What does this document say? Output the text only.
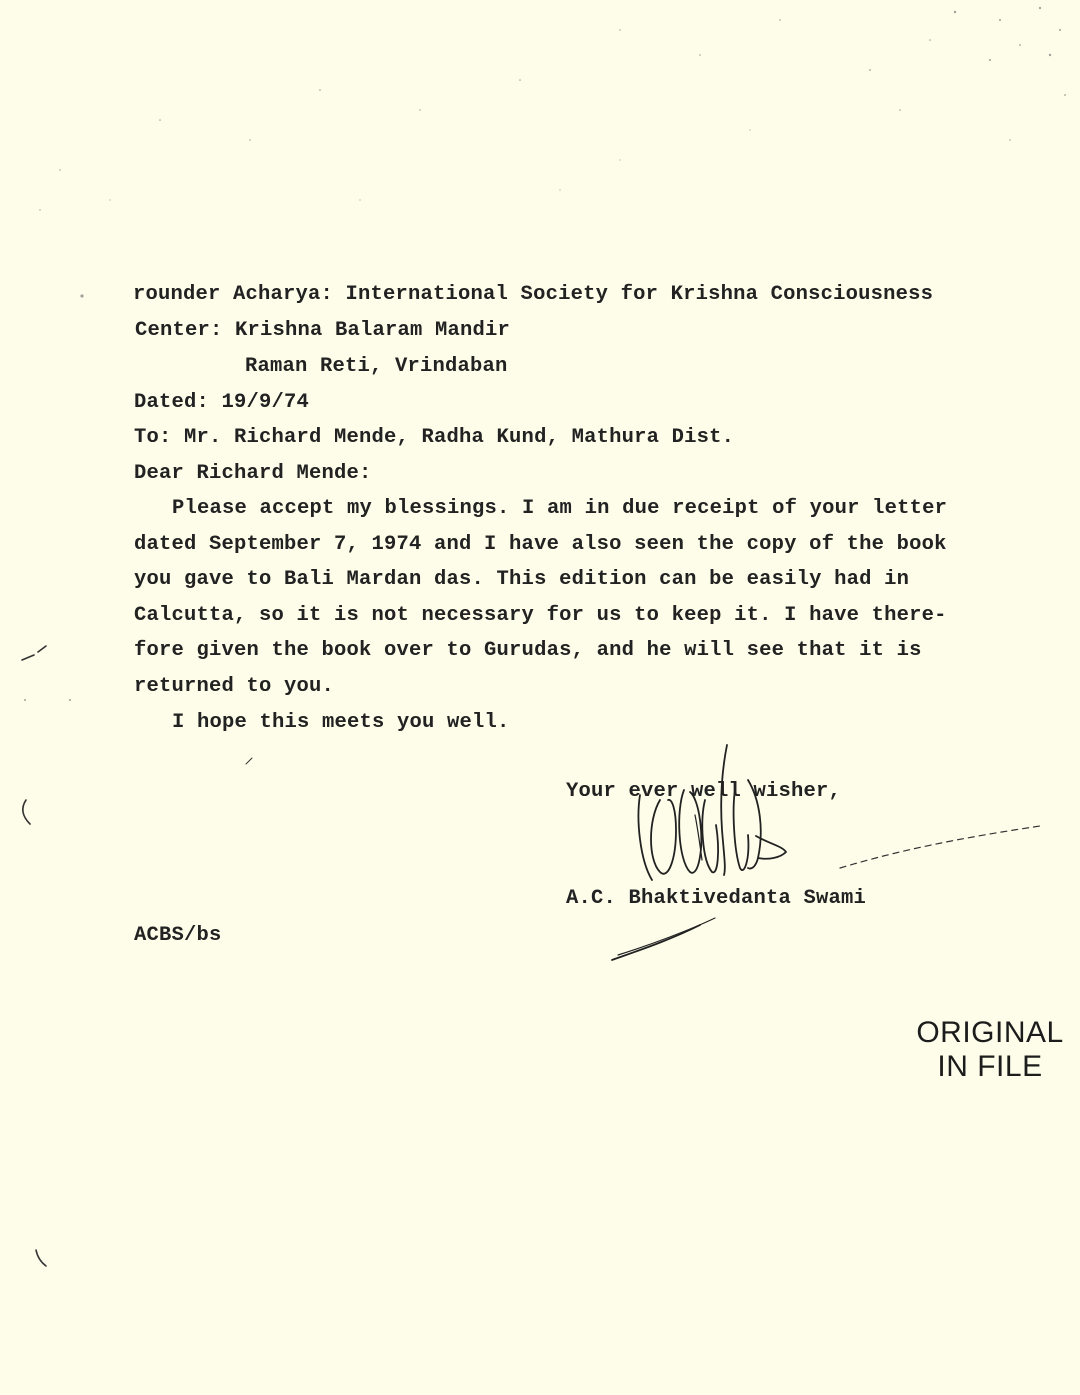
rounder Acharya: International Society for Krishna Consciousness
Center: Krishna Balaram Mandir
Raman Reti, Vrindaban
Dated: 19/9/74
To: Mr. Richard Mende, Radha Kund, Mathura Dist.
Dear Richard Mende:
Please accept my blessings. I am in due receipt of your letter
dated September 7, 1974 and I have also seen the copy of the book
you gave to Bali Mardan das. This edition can be easily had in
Calcutta, so it is not necessary for us to keep it. I have there-
fore given the book over to Gurudas, and he will see that it is
returned to you.
I hope this meets you well.
Your ever well wisher,
A.C. Bhaktivedanta Swami
ACBS/bs
ORIGINAL
IN FILE
